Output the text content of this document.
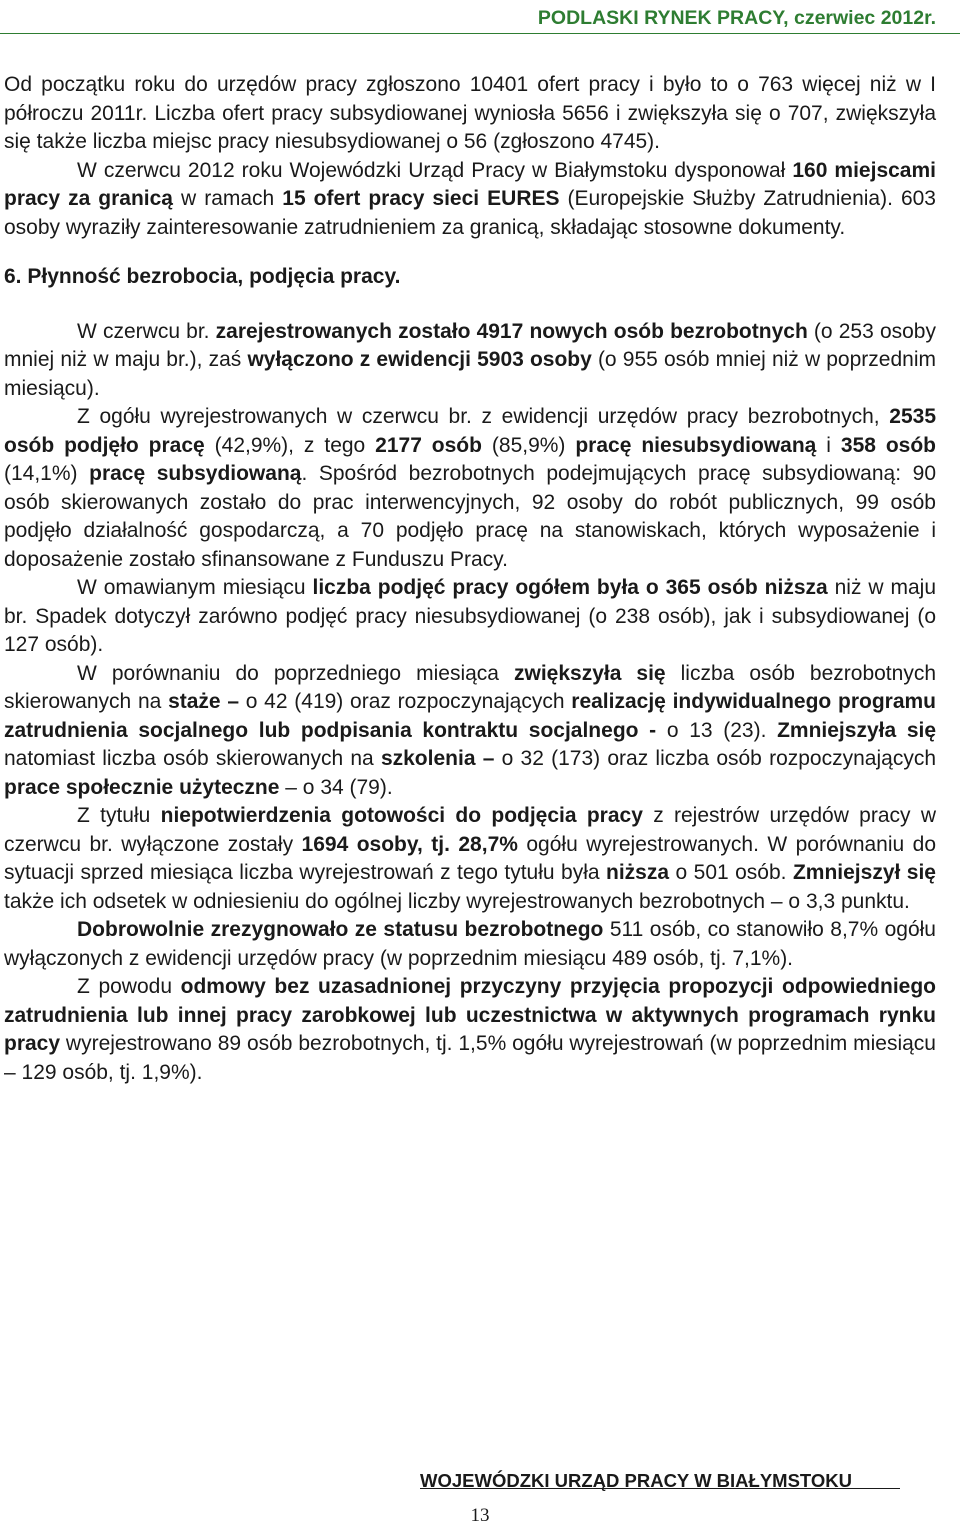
PODLASKI RYNEK PRACY, czerwiec 2012r.

Od początku roku do urzędów pracy zgłoszono 10401 ofert pracy i było to o 763 więcej niż w I półroczu 2011r. Liczba ofert pracy subsydiowanej wyniosła 5656 i zwiększyła się o 707, zwiększyła się także liczba miejsc pracy niesubsydiowanej o 56 (zgłoszono 4745).

W czerwcu 2012 roku Wojewódzki Urząd Pracy w Białymstoku dysponował 160 miejscami pracy za granicą w ramach 15 ofert pracy sieci EURES (Europejskie Służby Zatrudnienia). 603 osoby wyraziły zainteresowanie zatrudnieniem za granicą, składając stosowne dokumenty.

6. Płynność bezrobocia, podjęcia pracy.

W czerwcu br. zarejestrowanych zostało 4917 nowych osób bezrobotnych (o 253 osoby mniej niż w maju br.), zaś wyłączono z ewidencji 5903 osoby (o 955 osób mniej niż w poprzednim miesiącu).

Z ogółu wyrejestrowanych w czerwcu br. z ewidencji urzędów pracy bezrobotnych, 2535 osób podjęło pracę (42,9%), z tego 2177 osób (85,9%) pracę niesubsydiowaną i 358 osób (14,1%) pracę subsydiowaną. Spośród bezrobotnych podejmujących pracę subsydiowaną: 90 osób skierowanych zostało do prac interwencyjnych, 92 osoby do robót publicznych, 99 osób podjęło działalność gospodarczą, a 70 podjęło pracę na stanowiskach, których wyposażenie i doposażenie zostało sfinansowane z Funduszu Pracy.

W omawianym miesiącu liczba podjęć pracy ogółem była o 365 osób niższa niż w maju br. Spadek dotyczył zarówno podjęć pracy niesubsydiowanej (o 238 osób), jak i subsydiowanej (o 127 osób).

W porównaniu do poprzedniego miesiąca zwiększyła się liczba osób bezrobotnych skierowanych na staże – o 42 (419) oraz rozpoczynających realizację indywidualnego programu zatrudnienia socjalnego lub podpisania kontraktu socjalnego - o 13 (23). Zmniejszyła się natomiast liczba osób skierowanych na szkolenia – o 32 (173) oraz liczba osób rozpoczynających prace społecznie użyteczne – o 34 (79).

Z tytułu niepotwierdzenia gotowości do podjęcia pracy z rejestrów urzędów pracy w czerwcu br. wyłączone zostały 1694 osoby, tj. 28,7% ogółu wyrejestrowanych. W porównaniu do sytuacji sprzed miesiąca liczba wyrejestrowań z tego tytułu była niższa o 501 osób. Zmniejszył się także ich odsetek w odniesieniu do ogólnej liczby wyrejestrowanych bezrobotnych – o 3,3 punktu.

Dobrowolnie zrezygnowało ze statusu bezrobotnego 511 osób, co stanowiło 8,7% ogółu wyłączonych z ewidencji urzędów pracy (w poprzednim miesiącu 489 osób, tj. 7,1%).

Z powodu odmowy bez uzasadnionej przyczyny przyjęcia propozycji odpowiedniego zatrudnienia lub innej pracy zarobkowej lub uczestnictwa w aktywnych programach rynku pracy wyrejestrowano 89 osób bezrobotnych, tj. 1,5% ogółu wyrejestrowań (w poprzednim miesiącu – 129 osób, tj. 1,9%).

WOJEWÓDZKI URZĄD PRACY W BIAŁYMSTOKU
13
